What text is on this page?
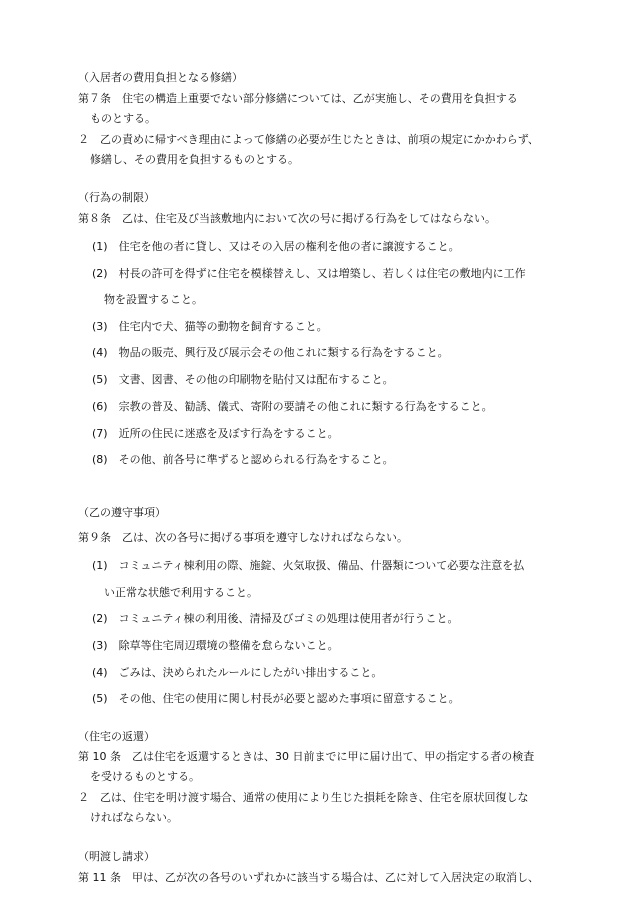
（入居者の費用負担となる修繕）
第７条　住宅の構造上重要でない部分修繕については、乙が実施し、その費用を負担する
ものとする。
２　乙の責めに帰すべき理由によって修繕の必要が生じたときは、前項の規定にかかわらず、
修繕し、その費用を負担するものとする。
（行為の制限）
第８条　乙は、住宅及び当該敷地内において次の号に掲げる行為をしてはならない。
(1)　住宅を他の者に貸し、又はその入居の権利を他の者に譲渡すること。
(2)　村長の許可を得ずに住宅を模様替えし、又は増築し、若しくは住宅の敷地内に工作
物を設置すること。
(3)　住宅内で犬、猫等の動物を飼育すること。
(4)　物品の販売、興行及び展示会その他これに類する行為をすること。
(5)　文書、図書、その他の印刷物を貼付又は配布すること。
(6)　宗教の普及、勧誘、儀式、寄附の要請その他これに類する行為をすること。
(7)　近所の住民に迷惑を及ぼす行為をすること。
(8)　その他、前各号に準ずると認められる行為をすること。
（乙の遵守事項）
第９条　乙は、次の各号に掲げる事項を遵守しなければならない。
(1)　コミュニティ棟利用の際、施錠、火気取扱、備品、什器類について必要な注意を払
い正常な状態で利用すること。
(2)　コミュニティ棟の利用後、清掃及びゴミの処理は使用者が行うこと。
(3)　除草等住宅周辺環境の整備を怠らないこと。
(4)　ごみは、決められたルールにしたがい排出すること。
(5)　その他、住宅の使用に関し村長が必要と認めた事項に留意すること。
（住宅の返還）
第 10 条　乙は住宅を返還するときは、30 日前までに甲に届け出て、甲の指定する者の検査
を受けるものとする。
２　乙は、住宅を明け渡す場合、通常の使用により生じた損耗を除き、住宅を原状回復しな
ければならない。
（明渡し請求）
第 11 条　甲は、乙が次の各号のいずれかに該当する場合は、乙に対して入居決定の取消し、
